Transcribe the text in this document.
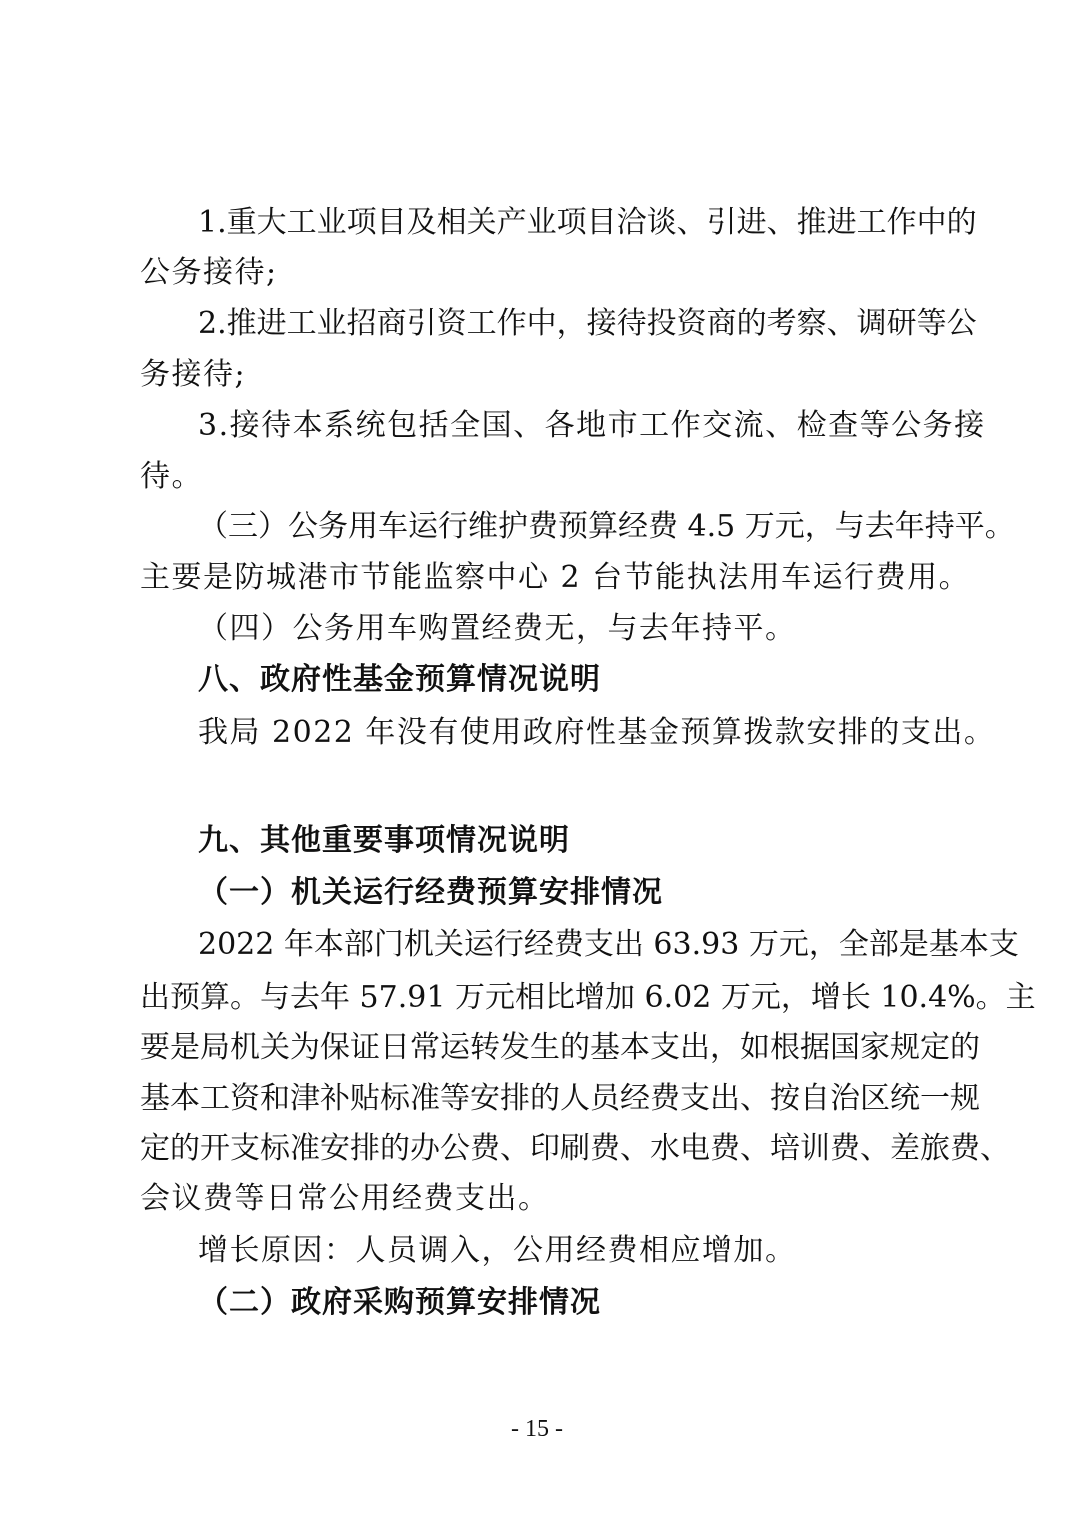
1.重大工业项目及相关产业项目洽谈、引进、推进工作中的
公务接待;
2.推进工业招商引资工作中，接待投资商的考察、调研等公
务接待;
3.接待本系统包括全国、各地市工作交流、检查等公务接
待。
（三）公务用车运行维护费预算经费 4.5 万元，与去年持平。
主要是防城港市节能监察中心 2 台节能执法用车运行费用。
（四）公务用车购置经费无，与去年持平。
八、政府性基金预算情况说明
我局 2022 年没有使用政府性基金预算拨款安排的支出。
九、其他重要事项情况说明
（一）机关运行经费预算安排情况
2022 年本部门机关运行经费支出 63.93 万元，全部是基本支
出预算。与去年 57.91 万元相比增加 6.02 万元，增长 10.4%。主
要是局机关为保证日常运转发生的基本支出，如根据国家规定的
基本工资和津补贴标准等安排的人员经费支出、按自治区统一规
定的开支标准安排的办公费、印刷费、水电费、培训费、差旅费、
会议费等日常公用经费支出。
增长原因：人员调入，公用经费相应增加。
（二）政府采购预算安排情况
- 15 -
